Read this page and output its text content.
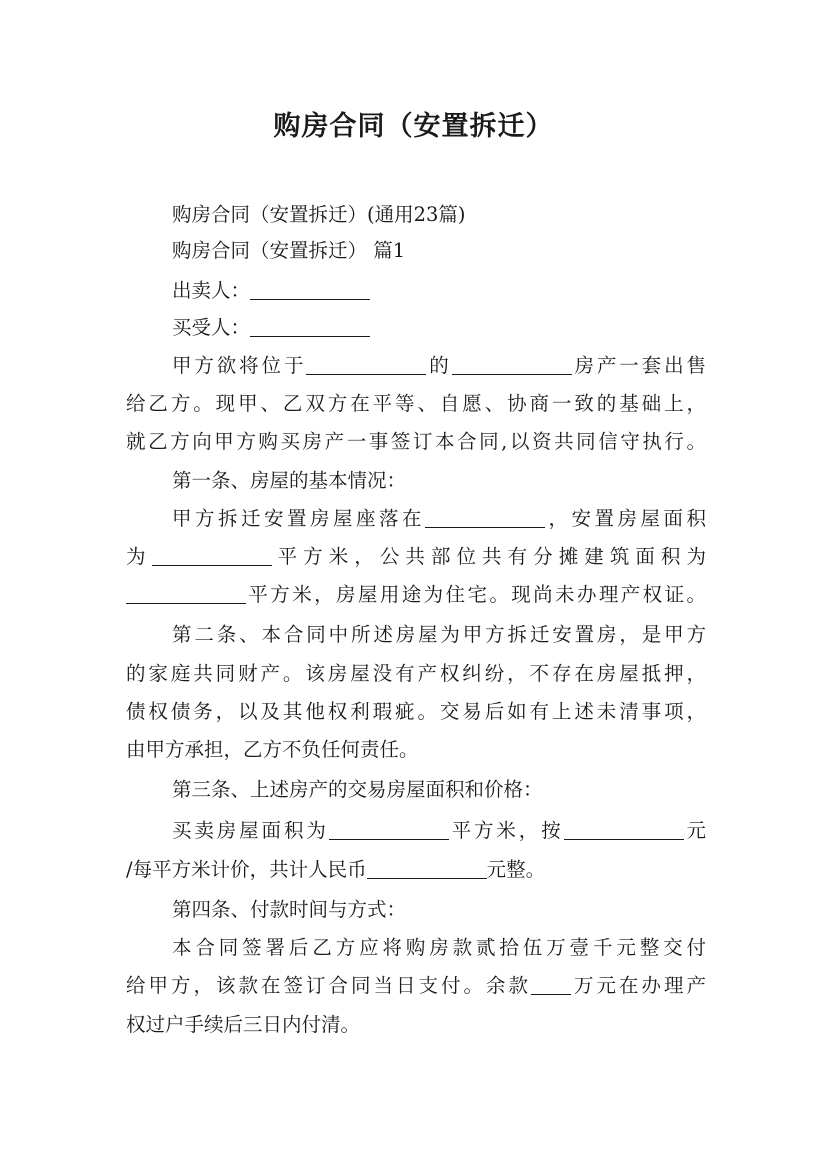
购房合同（安置拆迁）

购房合同（安置拆迁）(通用23篇)

购房合同（安置拆迁） 篇1

出卖人：

买受人：

甲方欲将位于	的	房产一套出售

给乙方。现甲、乙双方在平等、自愿、协商一致的基础上，

就乙方向甲方购买房产一事签订本合同,以资共同信守执行。

第一条、房屋的基本情况：

甲方拆迁安置房屋座落在	，安置房屋面积

为	平方米，公共部位共有分摊建筑面积为

平方米，房屋用途为住宅。现尚未办理产权证。

第二条、本合同中所述房屋为甲方拆迁安置房，是甲方

的家庭共同财产。该房屋没有产权纠纷，不存在房屋抵押，

债权债务，以及其他权利瑕疵。交易后如有上述未清事项，

由甲方承担，乙方不负任何责任。

第三条、上述房产的交易房屋面积和价格：

买卖房屋面积为	平方米，按	元

/每平方米计价，共计人民币	元整。

第四条、付款时间与方式：

本合同签署后乙方应将购房款贰拾伍万壹千元整交付

给甲方，该款在签订合同当日支付。余款 万元在办理产

权过户手续后三日内付清。
